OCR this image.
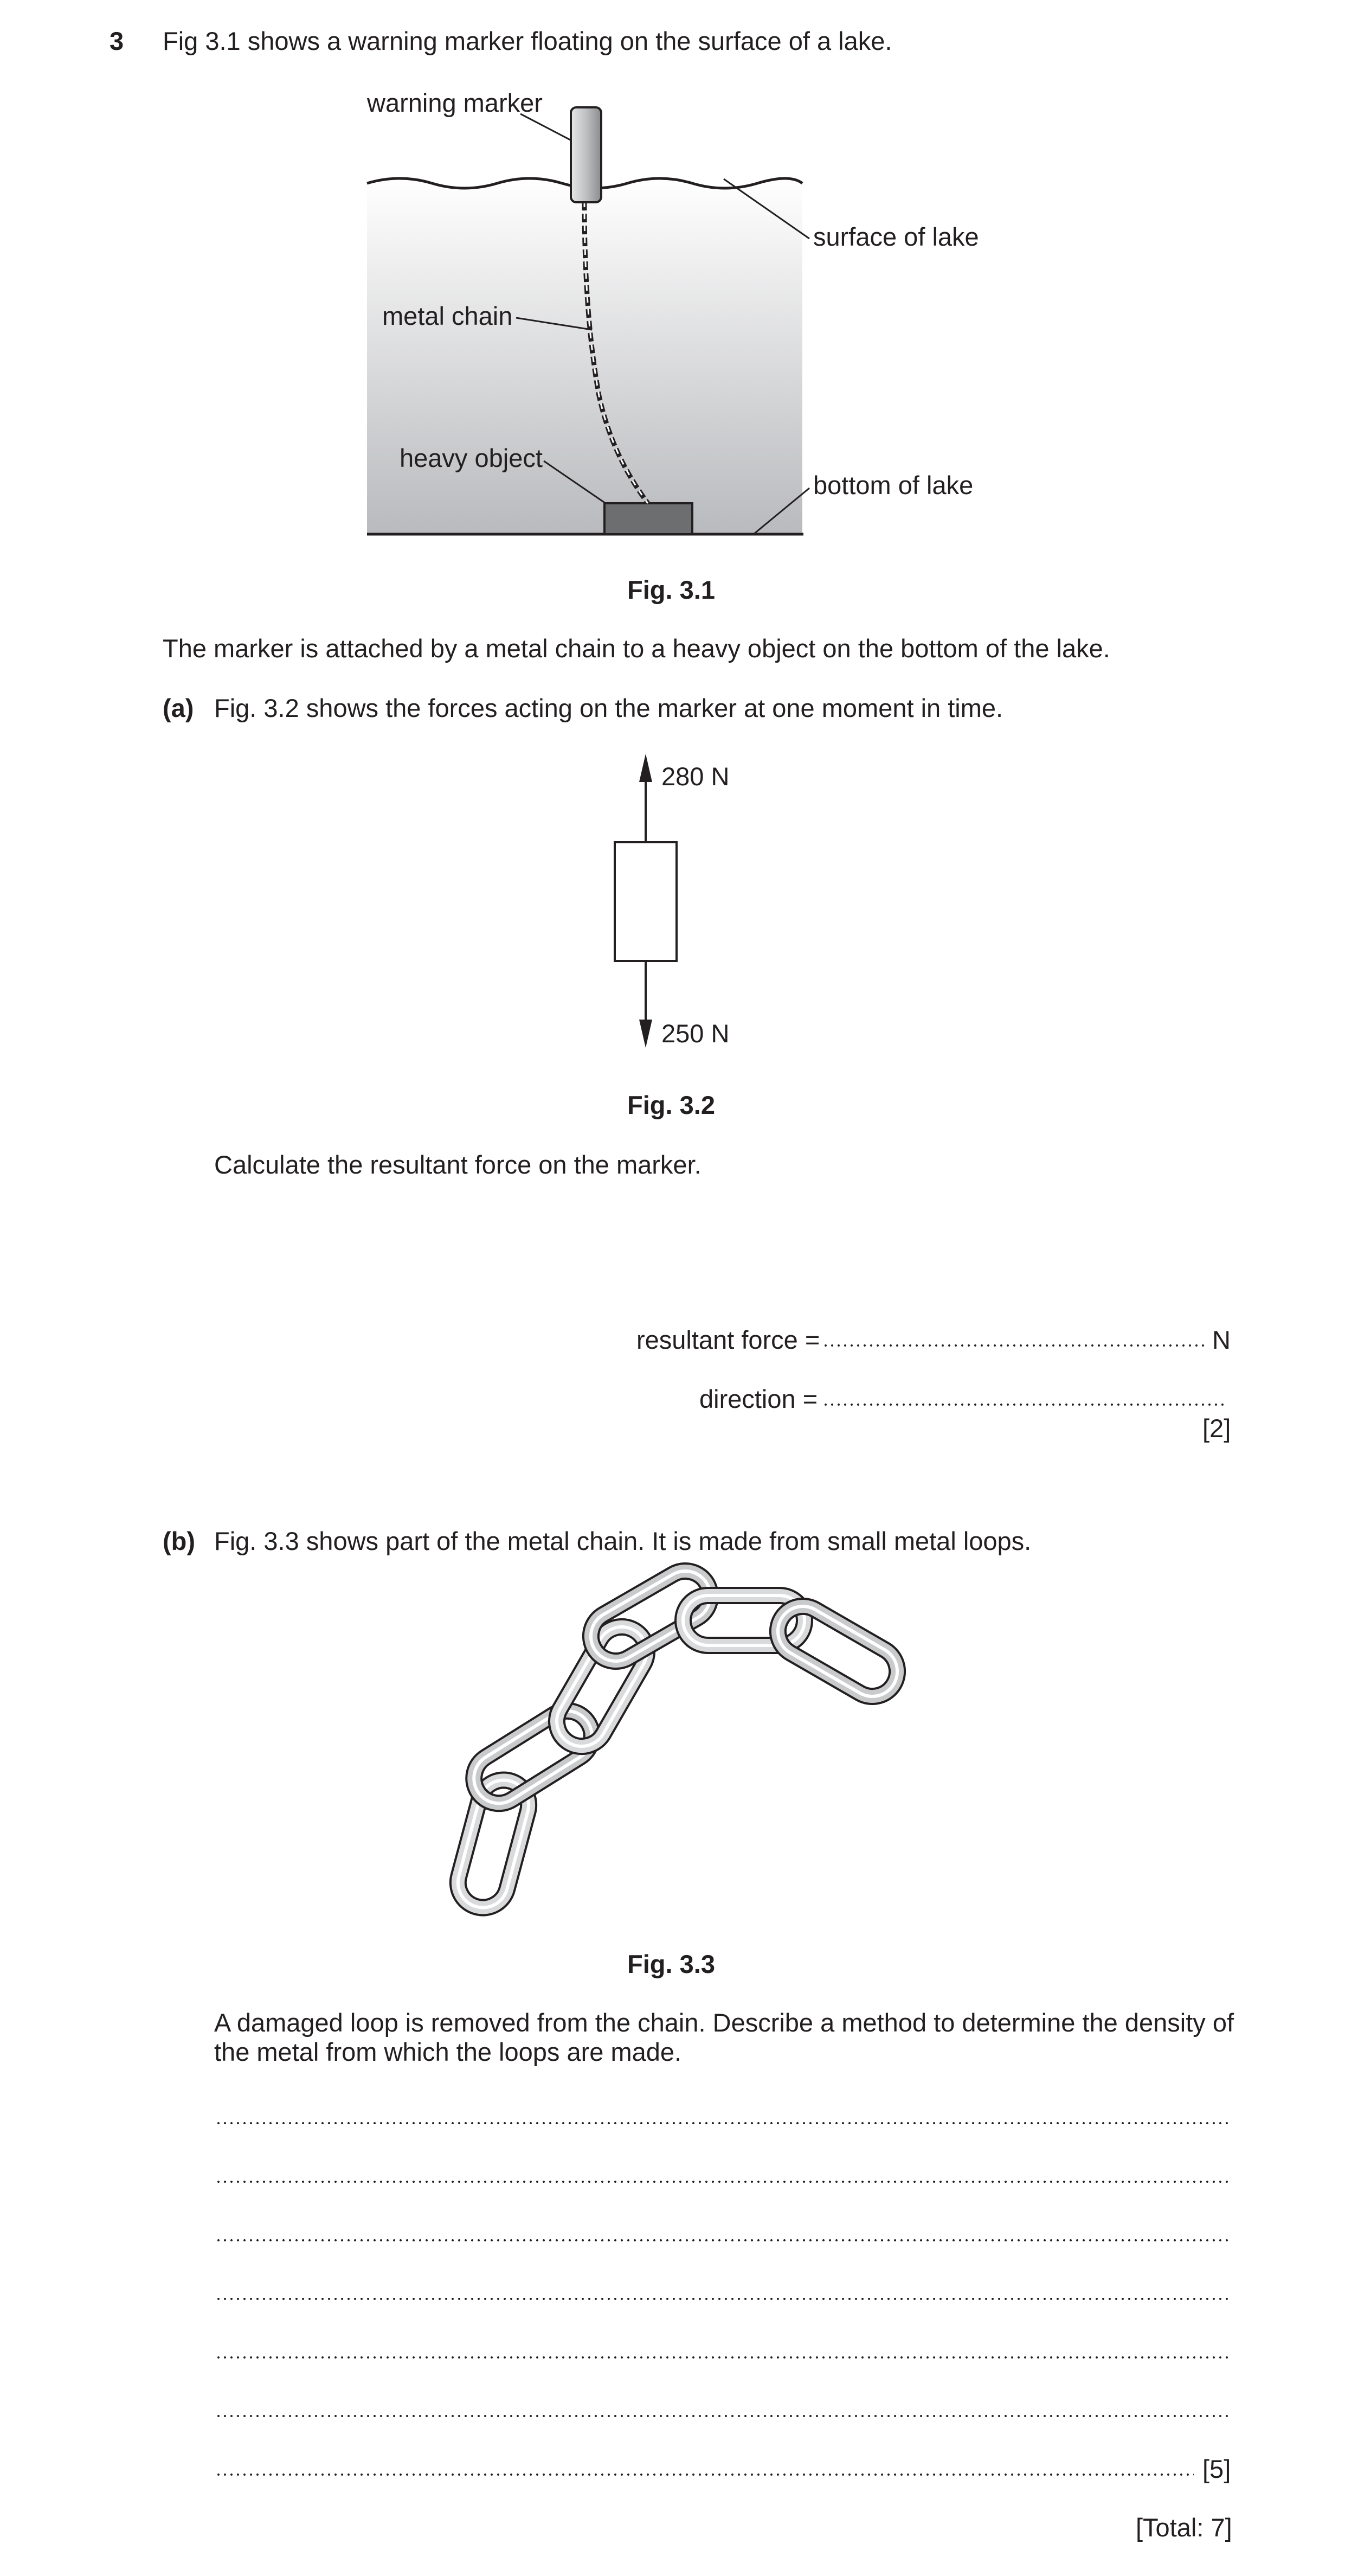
3 Fig 3.1 shows a warning marker floating on the surface of a lake.
warning marker
surface of lake
metal chain
heavy object
bottom of lake
Fig. 3.1
The marker is attached by a metal chain to a heavy object on the bottom of the lake.
(a) Fig. 3.2 shows the forces acting on the marker at one moment in time.
280 N
250 N
Fig. 3.2
Calculate the resultant force on the marker.
resultant force =	N
direction =
[2]
(b) Fig. 3.3 shows part of the metal chain. It is made from small metal loops.
Fig. 3.3
A damaged loop is removed from the chain. Describe a method to determine the density of
the metal from which the loops are made.
[5]
[Total: 7]
